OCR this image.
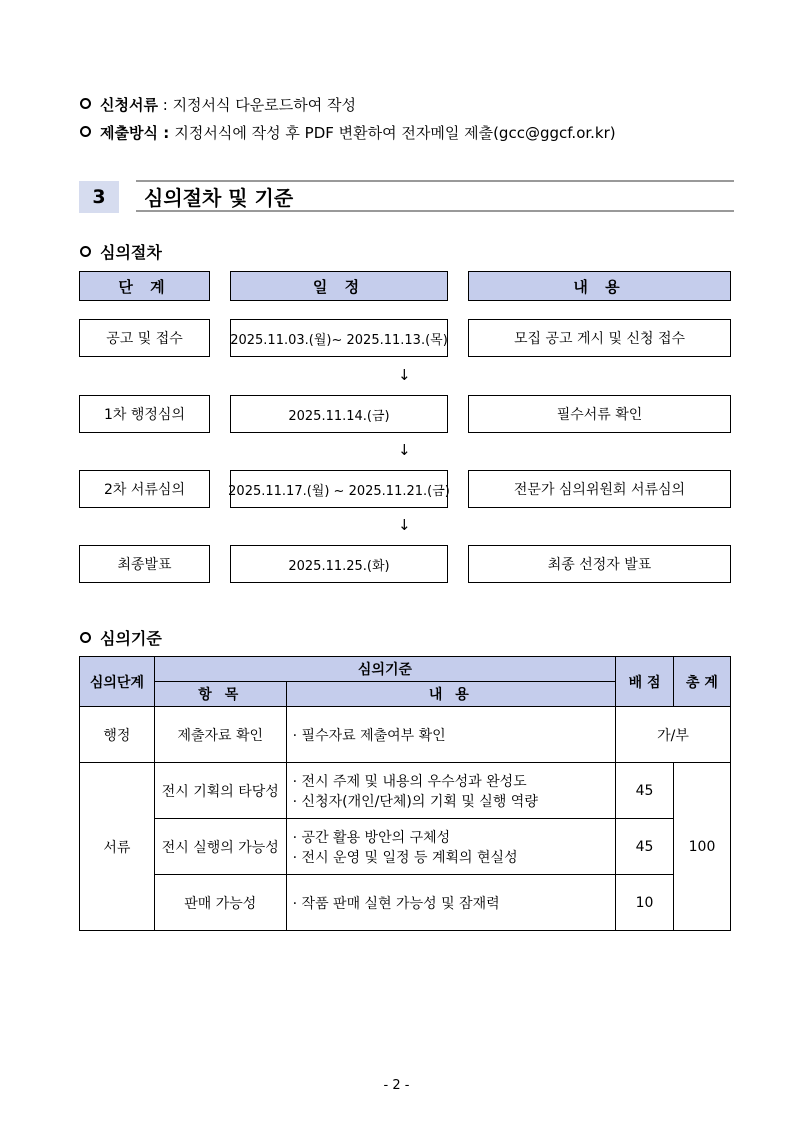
신청서류 : 지정서식 다운로드하여 작성
제출방식 : 지정서식에 작성 후 PDF 변환하여 전자메일 제출(gcc@ggcf.or.kr)
3	심의절차 및 기준
심의절차
단 계	일 정	내 용
공고 및 접수	2025.11.03.(월)~ 2025.11.13.(목)	모집 공고 게시 및 신청 접수
↓
1차 행정심의	2025.11.14.(금)	필수서류 확인
↓
2차 서류심의	2025.11.17.(월) ~ 2025.11.21.(금)	전문가 심의위원회 서류심의
↓
최종발표	2025.11.25.(화)	최종 선정자 발표
심의기준
심의단계	심의기준		배 점	총 계
	항 목	내 용		
행정	제출자료 확인	· 필수자료 제출여부 확인	가/부	
서류	전시 기획의 타당성	· 전시 주제 및 내용의 우수성과 완성도
· 신청자(개인/단체)의 기획 및 실행 역량	45	100
	전시 실행의 가능성	· 공간 활용 방안의 구체성
· 전시 운영 및 일정 등 계획의 현실성	45	
	판매 가능성	· 작품 판매 실현 가능성 및 잠재력	10	
- 2 -
